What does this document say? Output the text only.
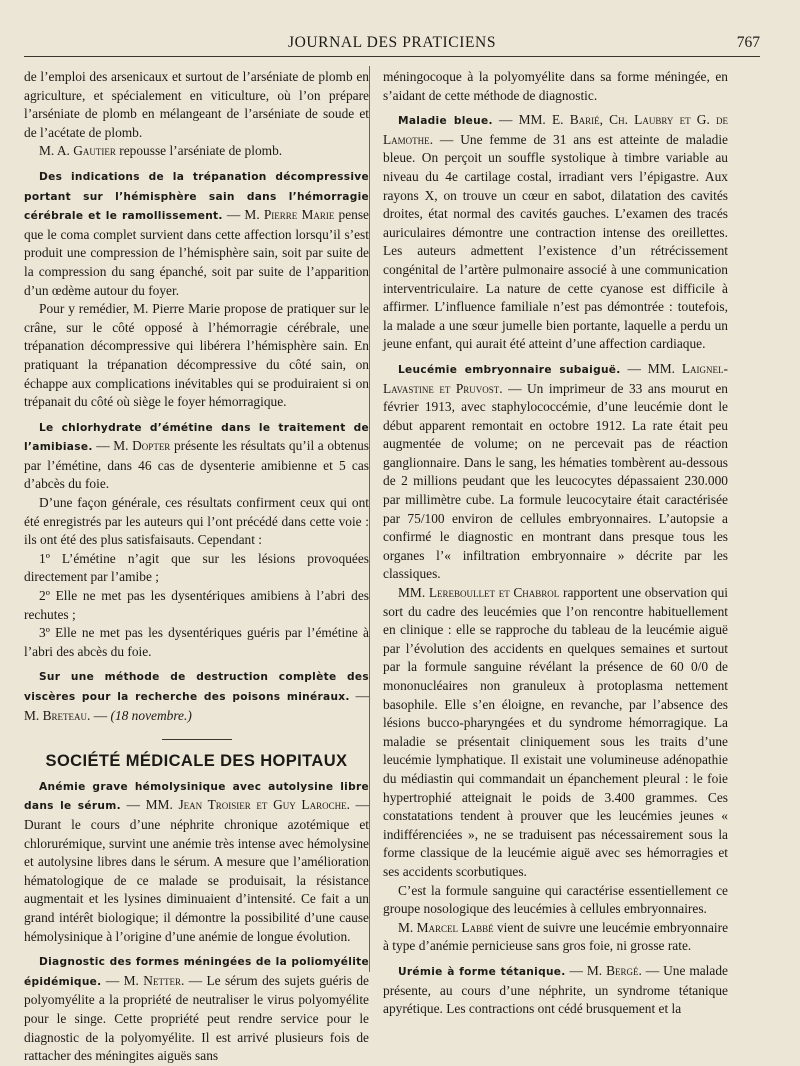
JOURNAL DES PRATICIENS	767

de l’emploi des arsenicaux et surtout de l’arséniate de plomb en agriculture, et spécialement en viticulture, où l’on prépare l’arséniate de plomb en mélangeant de l’arséniate de soude et de l’acétate de plomb.

M. A. Gautier repousse l’arséniate de plomb.

Des indications de la trépanation décompressive portant sur l’hémisphère sain dans l’hémorragie cérébrale et le ramollissement. — M. Pierre Marie pense que le coma complet survient dans cette affection lorsqu’il s’est produit une compression de l’hémisphère sain, soit par suite de la compression du sang épanché, soit par suite de l’apparition d’un œdème autour du foyer.

Pour y remédier, M. Pierre Marie propose de pratiquer sur le crâne, sur le côté opposé à l’hémorragie cérébrale, une trépanation décompressive qui libérera l’hémisphère sain. En pratiquant la trépanation décompressive du côté sain, on échappe aux complications inévitables qui se produiraient si on trépanait du côté où siège le foyer hémorragique.

Le chlorhydrate d’émétine dans le traitement de l’amibiase. — M. Dopter présente les résultats qu’il a obtenus par l’émétine, dans 46 cas de dysenterie amibienne et 5 cas d’abcès du foie.

D’une façon générale, ces résultats confirment ceux qui ont été enregistrés par les auteurs qui l’ont précédé dans cette voie : ils ont été des plus satisfaisauts. Cependant :

1º L’émétine n’agit que sur les lésions provoquées directement par l’amibe ;

2º Elle ne met pas les dysentériques amibiens à l’abri des rechutes ;

3º Elle ne met pas les dysentériques guéris par l’émétine à l’abri des abcès du foie.

Sur une méthode de destruction complète des viscères pour la recherche des poisons minéraux. — M. Breteau. — (18 novembre.)

SOCIÉTÉ MÉDICALE DES HOPITAUX

Anémie grave hémolysinique avec autolysine libre dans le sérum. — MM. Jean Troisier et Guy Laroche. — Durant le cours d’une néphrite chronique azotémique et chlorurémique, survint une anémie très intense avec hémolysine et autolysine libres dans le sérum. A mesure que l’amélioration hématologique de ce malade se produisait, la résistance augmentait et les lysines diminuaient d’intensité. Ce fait a un grand intérêt biologique; il démontre la possibilité d’une cause hémolysinique à l’origine d’une anémie de longue évolution.

Diagnostic des formes méningées de la poliomyélite épidémique. — M. Netter. — Le sérum des sujets guéris de polyomyélite a la propriété de neutraliser le virus polyomyélite pour le singe. Cette propriété peut rendre service pour le diagnostic de la polyomyélite. Il est arrivé plusieurs fois de rattacher des méningites aiguës sans

méningocoque à la polyomyélite dans sa forme méningée, en s’aidant de cette méthode de diagnostic.

Maladie bleue. — MM. E. Barié, Ch. Laubry et G. de Lamothe. — Une femme de 31 ans est atteinte de maladie bleue. On perçoit un souffle systolique à timbre variable au niveau du 4e cartilage costal, irradiant vers l’épigastre. Aux rayons X, on trouve un cœur en sabot, dilatation des cavités droites, état normal des cavités gauches. L’examen des tracés auriculaires démontre une contraction intense des oreillettes. Les auteurs admettent l’existence d’un rétrécissement congénital de l’artère pulmonaire associé à une communication interventriculaire. La nature de cette cyanose est difficile à affirmer. L’influence familiale n’est pas démontrée : toutefois, la malade a une sœur jumelle bien portante, laquelle a perdu un jeune enfant, qui aurait été atteint d’une affection cardiaque.

Leucémie embryonnaire subaiguë. — MM. Laignel-Lavastine et Pruvost. — Un imprimeur de 33 ans mourut en février 1913, avec staphylococcémie, d’une leucémie dont le début apparent remontait en octobre 1912. La rate était peu augmentée de volume; on ne percevait pas de réaction ganglionnaire. Dans le sang, les hématies tombèrent au-dessous de 2 millions peudant que les leucocytes dépassaient 230.000 par millimètre cube. La formule leucocytaire était caractérisée par 75/100 environ de cellules embryonnaires. L’autopsie a confirmé le diagnostic en montrant dans presque tous les organes l’« infiltration embryonnaire » décrite par les classiques.

MM. Lereboullet et Chabrol rapportent une observation qui sort du cadre des leucémies que l’on rencontre habituellement en clinique : elle se rapproche du tableau de la leucémie aiguë par l’évolution des accidents en quelques semaines et surtout par la formule sanguine révélant la présence de 60 0/0 de mononucléaires non granuleux à protoplasma nettement basophile. Elle s’en éloigne, en revanche, par l’absence des lésions bucco-pharyngées et du syndrome hémorragique. La maladie se présentait cliniquement sous les traits d’une leucémie lymphatique. Il existait une volumineuse adénopathie du médiastin qui commandait un épanchement pleural : le foie hypertrophié atteignait le poids de 3.400 grammes. Ces constatations tendent à prouver que les leucémies jeunes « indifférenciées », ne se traduisent pas nécessairement sous la forme classique de la leucémie aiguë avec ses hémorragies et ses accidents scorbutiques.

C’est la formule sanguine qui caractérise essentiellement ce groupe nosologique des leucémies à cellules embryonnaires.

M. Marcel Labbé vient de suivre une leucémie embryonnaire à type d’anémie pernicieuse sans gros foie, ni grosse rate.

Urémie à forme tétanique. — M. Bergé. — Une malade présente, au cours d’une néphrite, un syndrome tétanique apyrétique. Les contractions ont cédé brusquement et la
